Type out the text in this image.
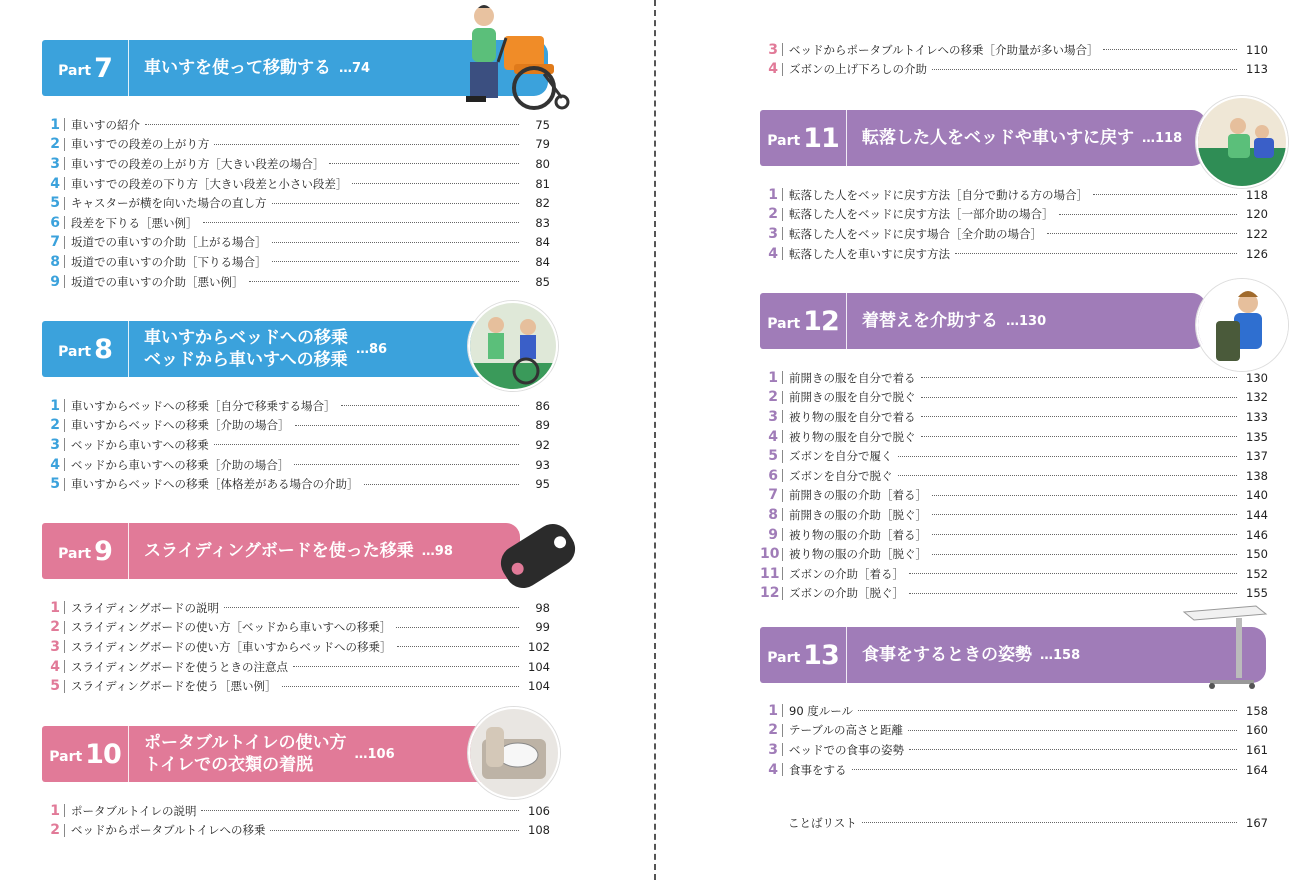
Part 7 車いすを使って移動する …74
1 車いすの紹介	75
2 車いすでの段差の上がり方	79
3 車いすでの段差の上がり方［大きい段差の場合］	80
4 車いすでの段差の下り方［大きい段差と小さい段差］	81
5 キャスターが横を向いた場合の直し方	82
6 段差を下りる［悪い例］	83
7 坂道での車いすの介助［上がる場合］	84
8 坂道での車いすの介助［下りる場合］	84
9 坂道での車いすの介助［悪い例］	85
Part 8 車いすからベッドへの移乗
ベッドから車いすへの移乗
…86
1 車いすからベッドへの移乗［自分で移乗する場合］	86
2 車いすからベッドへの移乗［介助の場合］	89
3 ベッドから車いすへの移乗	92
4 ベッドから車いすへの移乗［介助の場合］	93
5 車いすからベッドへの移乗［体格差がある場合の介助］	95
Part 9 スライディングボードを使った移乗 …98
1 スライディングボードの説明	98
2 スライディングボードの使い方［ベッドから車いすへの移乗］	99
3 スライディングボードの使い方［車いすからベッドへの移乗］	102
4 スライディングボードを使うときの注意点	104
5 スライディングボードを使う［悪い例］	104
Part 10 ポータブルトイレの使い方
トイレでの衣類の着脱
…106
1 ポータブルトイレの説明	106
2 ベッドからポータブルトイレへの移乗	108
3 ベッドからポータブルトイレへの移乗［介助量が多い場合］	110
4 ズボンの上げ下ろしの介助	113
Part 11 転落した人をベッドや車いすに戻す …118
1 転落した人をベッドに戻す方法［自分で動ける方の場合］	118
2 転落した人をベッドに戻す方法［一部介助の場合］	120
3 転落した人をベッドに戻す場合［全介助の場合］	122
4 転落した人を車いすに戻す方法	126
Part 12 着替えを介助する …130
1 前開きの服を自分で着る	130
2 前開きの服を自分で脱ぐ	132
3 被り物の服を自分で着る	133
4 被り物の服を自分で脱ぐ	135
5 ズボンを自分で履く	137
6 ズボンを自分で脱ぐ	138
7 前開きの服の介助［着る］	140
8 前開きの服の介助［脱ぐ］	144
9 被り物の服の介助［着る］	146
10 被り物の服の介助［脱ぐ］	150
11 ズボンの介助［着る］	152
12 ズボンの介助［脱ぐ］	155
Part 13 食事をするときの姿勢 …158
1 90 度ルール	158
2 テーブルの高さと距離	160
3 ベッドでの食事の姿勢	161
4 食事をする	164
ことばリスト	167
